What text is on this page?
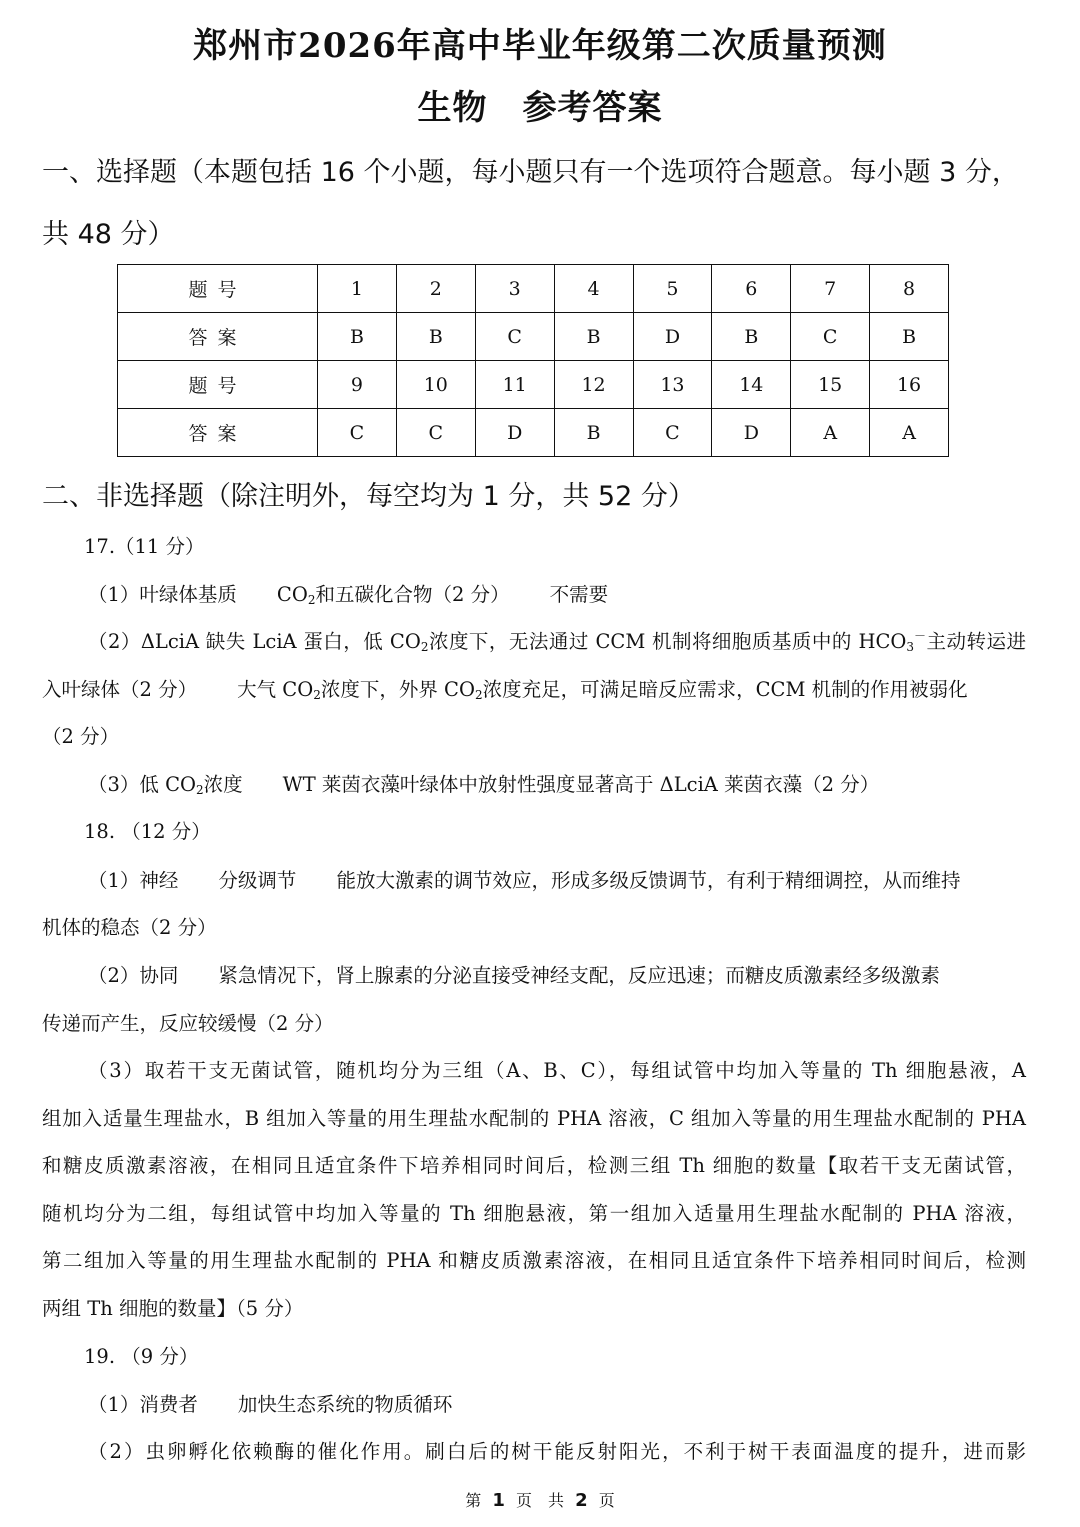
郑州市2026年高中毕业年级第二次质量预测
生物　参考答案
一、选择题（本题包括 16 个小题，每小题只有一个选项符合题意。每小题 3 分，
共 48 分）
题号	1	2	3	4	5	6	7	8
答案	B	B	C	B	D	B	C	B
题号	9	10	11	12	13	14	15	16
答案	C	C	D	B	C	D	A	A
二、非选择题（除注明外，每空均为 1 分，共 52 分）
17.（11 分）
（1）叶绿体基质 $CO_2$和五碳化合物（2 分） 不需要
（2）ΔLciA 缺失 LciA 蛋白，低 $CO_2$浓度下，无法通过 CCM 机制将细胞质基质中的 $HCO_3^-$主动转运进
入叶绿体（2 分） 大气 $CO_2$浓度下，外界 $CO_2$浓度充足，可满足暗反应需求，CCM 机制的作用被弱化
（2 分）
（3）低 $CO_2$浓度 WT 莱茵衣藻叶绿体中放射性强度显著高于 ΔLciA 莱茵衣藻（2 分）
18. （12 分）
（1）神经 分级调节 能放大激素的调节效应，形成多级反馈调节，有利于精细调控，从而维持
机体的稳态（2 分）
（2）协同 紧急情况下，肾上腺素的分泌直接受神经支配，反应迅速；而糖皮质激素经多级激素
传递而产生，反应较缓慢（2 分）
（3）取若干支无菌试管，随机均分为三组（A、B、C），每组试管中均加入等量的 Th 细胞悬液，A
组加入适量生理盐水，B 组加入等量的用生理盐水配制的 PHA 溶液，C 组加入等量的用生理盐水配制的 PHA
和糖皮质激素溶液，在相同且适宜条件下培养相同时间后，检测三组 Th 细胞的数量【取若干支无菌试管，
随机均分为二组，每组试管中均加入等量的 Th 细胞悬液，第一组加入适量用生理盐水配制的 PHA 溶液，
第二组加入等量的用生理盐水配制的 PHA 和糖皮质激素溶液，在相同且适宜条件下培养相同时间后，检测
两组 Th 细胞的数量】（5 分）
19. （9 分）
（1）消费者 加快生态系统的物质循环
（2）虫卵孵化依赖酶的催化作用。刷白后的树干能反射阳光，不利于树干表面温度的提升，进而影
第 1 页　共 2 页
